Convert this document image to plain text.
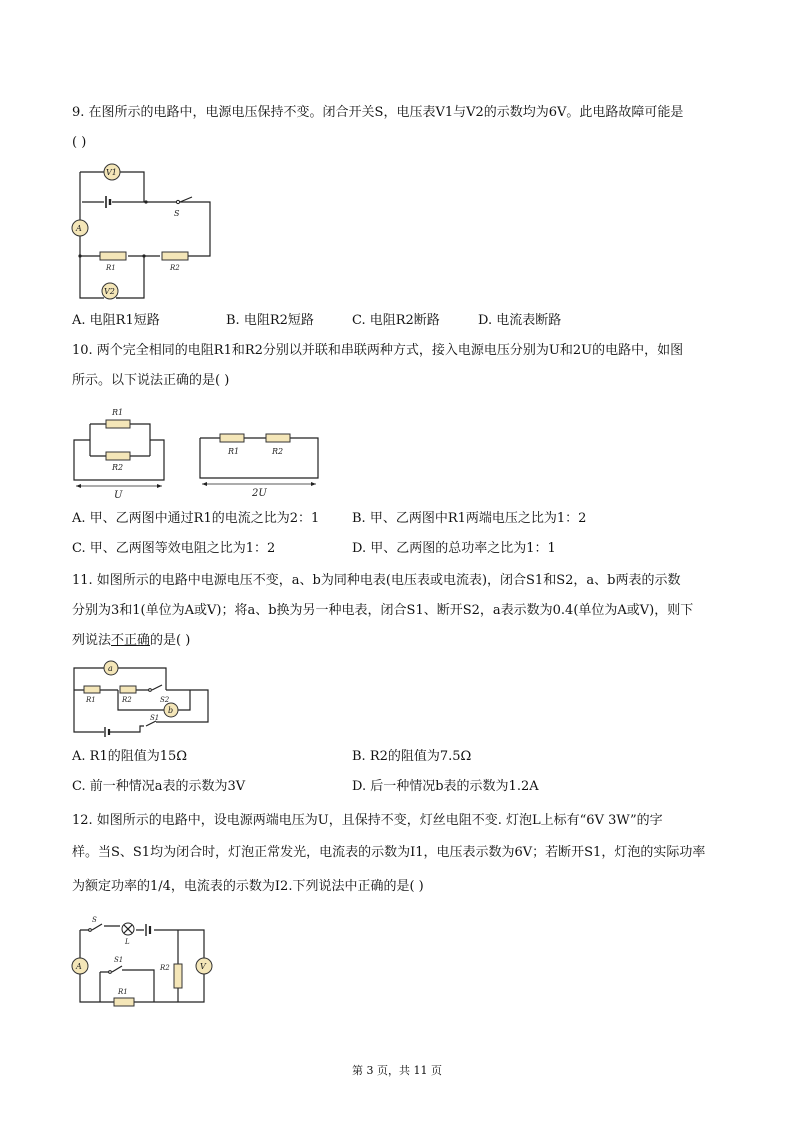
9. 在图所示的电路中，电源电压保持不变。闭合开关S，电压表V1与V2的示数均为6V。此电路故障可能是
( )
V1
A
S
R1	R2
V2
A. 电阻R1短路	B. 电阻R2短路	C. 电阻R2断路	D. 电流表断路
10. 两个完全相同的电阻R1和R2分别以并联和串联两种方式，接入电源电压分别为U和2U的电路中，如图
所示。以下说法正确的是( )
R1
R2
U
R1	R2
2U
A. 甲、乙两图中通过R1的电流之比为2：1	B. 甲、乙两图中R1两端电压之比为1：2
C. 甲、乙两图等效电阻之比为1：2	D. 甲、乙两图的总功率之比为1：1
11. 如图所示的电路中电源电压不变，a、b为同种电表(电压表或电流表)，闭合S1和S2，a、b两表的示数
分别为3和1(单位为A或V)；将a、b换为另一种电表，闭合S1、断开S2，a表示数为0.4(单位为A或V)，则下
列说法不正确的是( )
R1	R2
a
b
S2
S1
A. R1的阻值为15Ω	B. R2的阻值为7.5Ω
C. 前一种情况a表的示数为3V	D. 后一种情况b表的示数为1.2A
12. 如图所示的电路中，设电源两端电压为U，且保持不变，灯丝电阻不变. 灯泡L上标有“6V 3W”的字
样。当S、S1均为闭合时，灯泡正常发光，电流表的示数为I1，电压表示数为6V；若断开S1，灯泡的实际功率
为额定功率的1/4，电流表的示数为I2.下列说法中正确的是( )
S
L
A
S1
R2	V
R1
第 3 页，共 11 页
